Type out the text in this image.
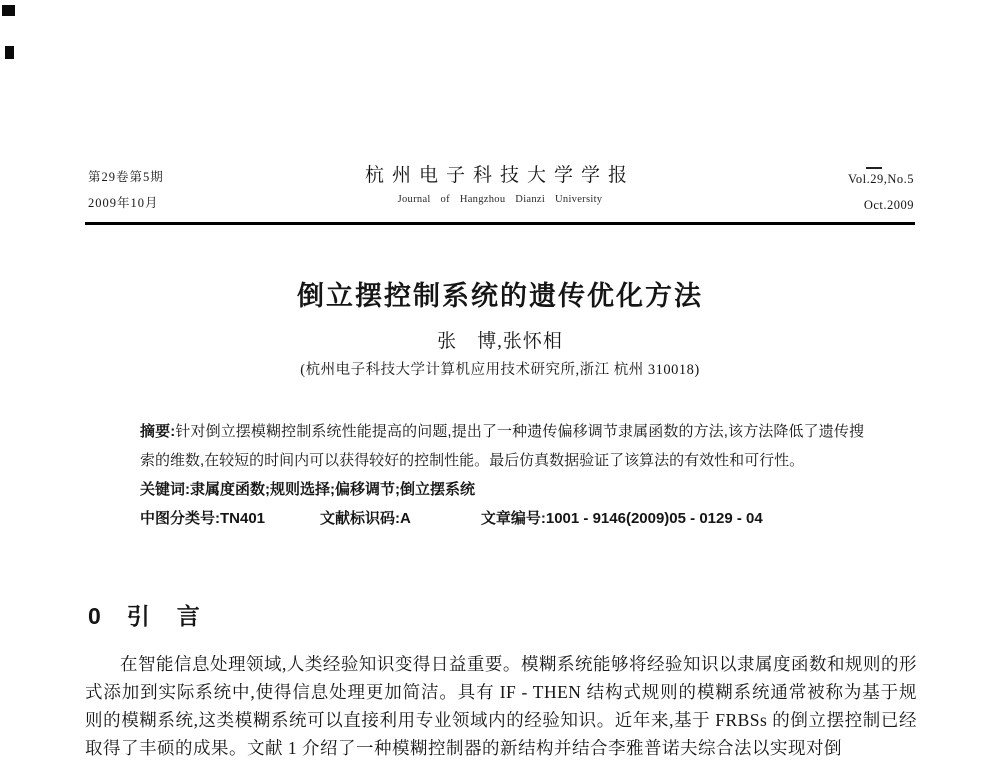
第29卷第5期
2009年10月
杭州电子科技大学学报
Journal of Hangzhou Dianzi University
Vol.29,No.5
Oct.2009
倒立摆控制系统的遗传优化方法
张　博,张怀相
(杭州电子科技大学计算机应用技术研究所,浙江 杭州 310018)

摘要:针对倒立摆模糊控制系统性能提高的问题,提出了一种遗传偏移调节隶属函数的方法,该方法降低了遗传搜索的维数,在较短的时间内可以获得较好的控制性能。最后仿真数据验证了该算法的有效性和可行性。

关键词:隶属度函数;规则选择;偏移调节;倒立摆系统

中图分类号:TN401	文献标识码:A	文章编号:1001 - 9146(2009)05 - 0129 - 04

0 引　言

在智能信息处理领域,人类经验知识变得日益重要。模糊系统能够将经验知识以隶属度函数和规则的形式添加到实际系统中,使得信息处理更加简洁。具有 IF - THEN 结构式规则的模糊系统通常被称为基于规则的模糊系统,这类模糊系统可以直接利用专业领域内的经验知识。近年来,基于 FRBSs 的倒立摆控制已经取得了丰硕的成果。文献 1 介绍了一种模糊控制器的新结构并结合李雅普诺夫综合法以实现对倒
